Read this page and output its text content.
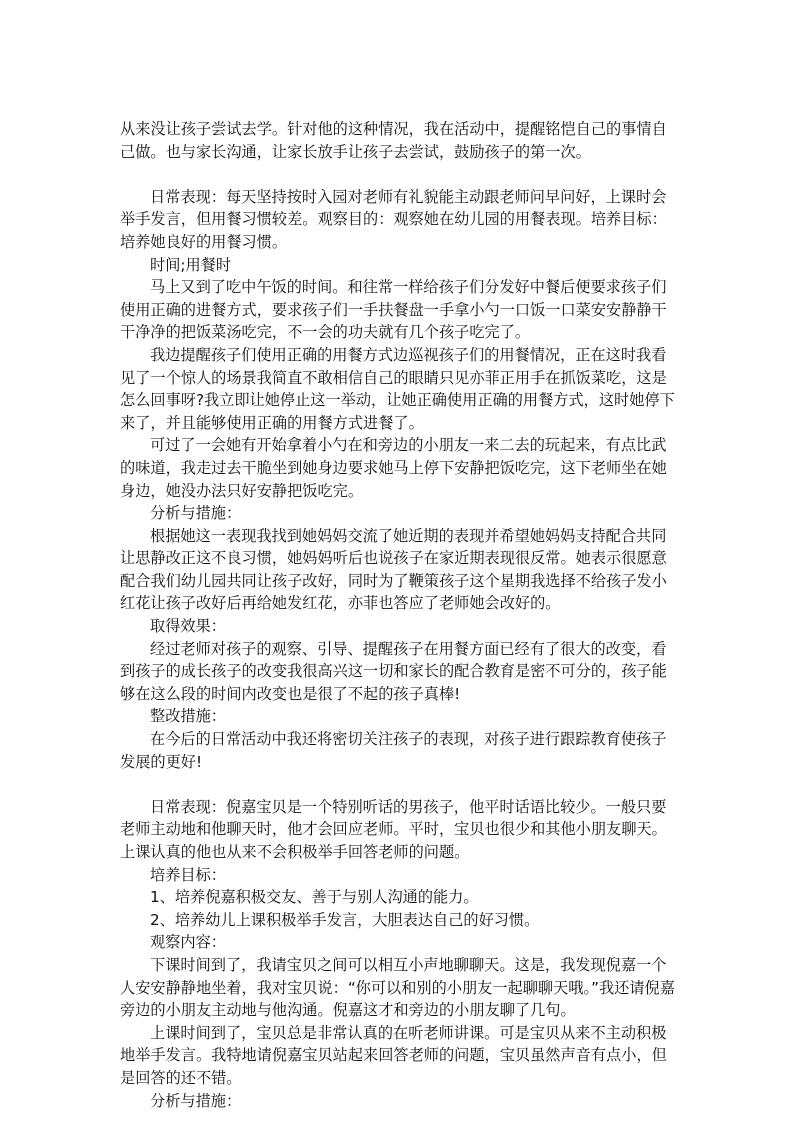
从来没让孩子尝试去学。针对他的这种情况，我在活动中，提醒铭恺自己的事情自己做。也与家长沟通，让家长放手让孩子去尝试，鼓励孩子的第一次。

日常表现：每天坚持按时入园对老师有礼貌能主动跟老师问早问好，上课时会举手发言，但用餐习惯较差。观察目的：观察她在幼儿园的用餐表现。培养目标：培养她良好的用餐习惯。

时间;用餐时

马上又到了吃中午饭的时间。和往常一样给孩子们分发好中餐后便要求孩子们使用正确的进餐方式，要求孩子们一手扶餐盘一手拿小勺一口饭一口菜安安静静干干净净的把饭菜汤吃完，不一会的功夫就有几个孩子吃完了。

我边提醒孩子们使用正确的用餐方式边巡视孩子们的用餐情况，正在这时我看见了一个惊人的场景我简直不敢相信自己的眼睛只见亦菲正用手在抓饭菜吃，这是怎么回事呀?我立即让她停止这一举动，让她正确使用正确的用餐方式，这时她停下来了，并且能够使用正确的用餐方式进餐了。

可过了一会她有开始拿着小勺在和旁边的小朋友一来二去的玩起来，有点比武的味道，我走过去干脆坐到她身边要求她马上停下安静把饭吃完，这下老师坐在她身边，她没办法只好安静把饭吃完。

分析与措施：

根据她这一表现我找到她妈妈交流了她近期的表现并希望她妈妈支持配合共同让思静改正这不良习惯，她妈妈听后也说孩子在家近期表现很反常。她表示很愿意配合我们幼儿园共同让孩子改好，同时为了鞭策孩子这个星期我选择不给孩子发小红花让孩子改好后再给她发红花，亦菲也答应了老师她会改好的。

取得效果：

经过老师对孩子的观察、引导、提醒孩子在用餐方面已经有了很大的改变，看到孩子的成长孩子的改变我很高兴这一切和家长的配合教育是密不可分的，孩子能够在这么段的时间内改变也是很了不起的孩子真棒!

整改措施：

在今后的日常活动中我还将密切关注孩子的表现，对孩子进行跟踪教育使孩子发展的更好!

日常表现：倪嘉宝贝是一个特别听话的男孩子，他平时话语比较少。一般只要老师主动地和他聊天时，他才会回应老师。平时，宝贝也很少和其他小朋友聊天。上课认真的他也从来不会积极举手回答老师的问题。

培养目标：

1、培养倪嘉积极交友、善于与别人沟通的能力。

2、培养幼儿上课积极举手发言，大胆表达自己的好习惯。

观察内容：

下课时间到了，我请宝贝之间可以相互小声地聊聊天。这是，我发现倪嘉一个人安安静静地坐着，我对宝贝说：“你可以和别的小朋友一起聊聊天哦。”我还请倪嘉旁边的小朋友主动地与他沟通。倪嘉这才和旁边的小朋友聊了几句。

上课时间到了，宝贝总是非常认真的在听老师讲课。可是宝贝从来不主动积极地举手发言。我特地请倪嘉宝贝站起来回答老师的问题，宝贝虽然声音有点小，但是回答的还不错。

分析与措施：
